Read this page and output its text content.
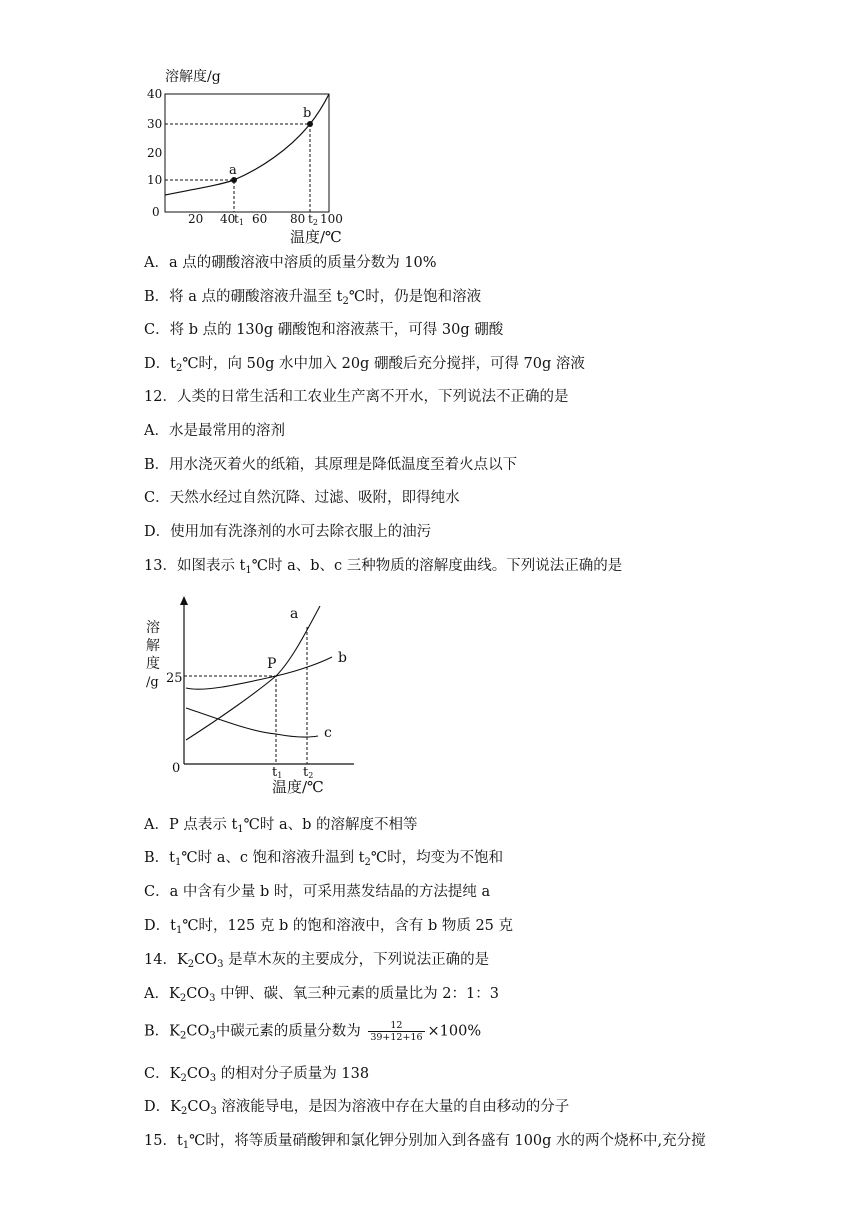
溶解度/g
40
30
20
10
0 20 40
t1 60 80 t2 100
a
b
温度/℃
A．a 点的硼酸溶液中溶质的质量分数为 10%
B．将 a 点的硼酸溶液升温至 $t_2℃$时，仍是饱和溶液
C．将 b 点的 130g 硼酸饱和溶液蒸干，可得 30g 硼酸
D．$t_2℃$时，向 50g 水中加入 20g 硼酸后充分搅拌，可得 70g 溶液
12．人类的日常生活和工农业生产离不开水，下列说法不正确的是
A．水是最常用的溶剂
B．用水浇灭着火的纸箱，其原理是降低温度至着火点以下
C．天然水经过自然沉降、过滤、吸附，即得纯水
D．使用加有洗涤剂的水可去除衣服上的油污
13．如图表示 $t_1℃$时 a、b、c 三种物质的溶解度曲线。下列说法正确的是
溶
解
度
/g 25
0
a
b
c
P
t1 t2
温度/℃
A．P 点表示 $t_1℃$时 a、b 的溶解度不相等
B．$t_1℃$时 a、c 饱和溶液升温到 $t_2℃$时，均变为不饱和
C．a 中含有少量 b 时，可采用蒸发结晶的方法提纯 a
D．$t_1℃$时，125 克 b 的饱和溶液中，含有 b 物质 25 克
14．$K_2CO_3$ 是草木灰的主要成分，下列说法正确的是
A．$K_2CO_3$ 中钾、碳、氧三种元素的质量比为 2：1：3
B．$K_2CO_3$中碳元素的质量分数为 $\frac{12}{39+12+16} \times 100\%$
C．$K_2CO_3$ 的相对分子质量为 138
D．$K_2CO_3$ 溶液能导电，是因为溶液中存在大量的自由移动的分子
15．$t_1℃$时，将等质量硝酸钾和氯化钾分别加入到各盛有 100g 水的两个烧杯中,充分搅
